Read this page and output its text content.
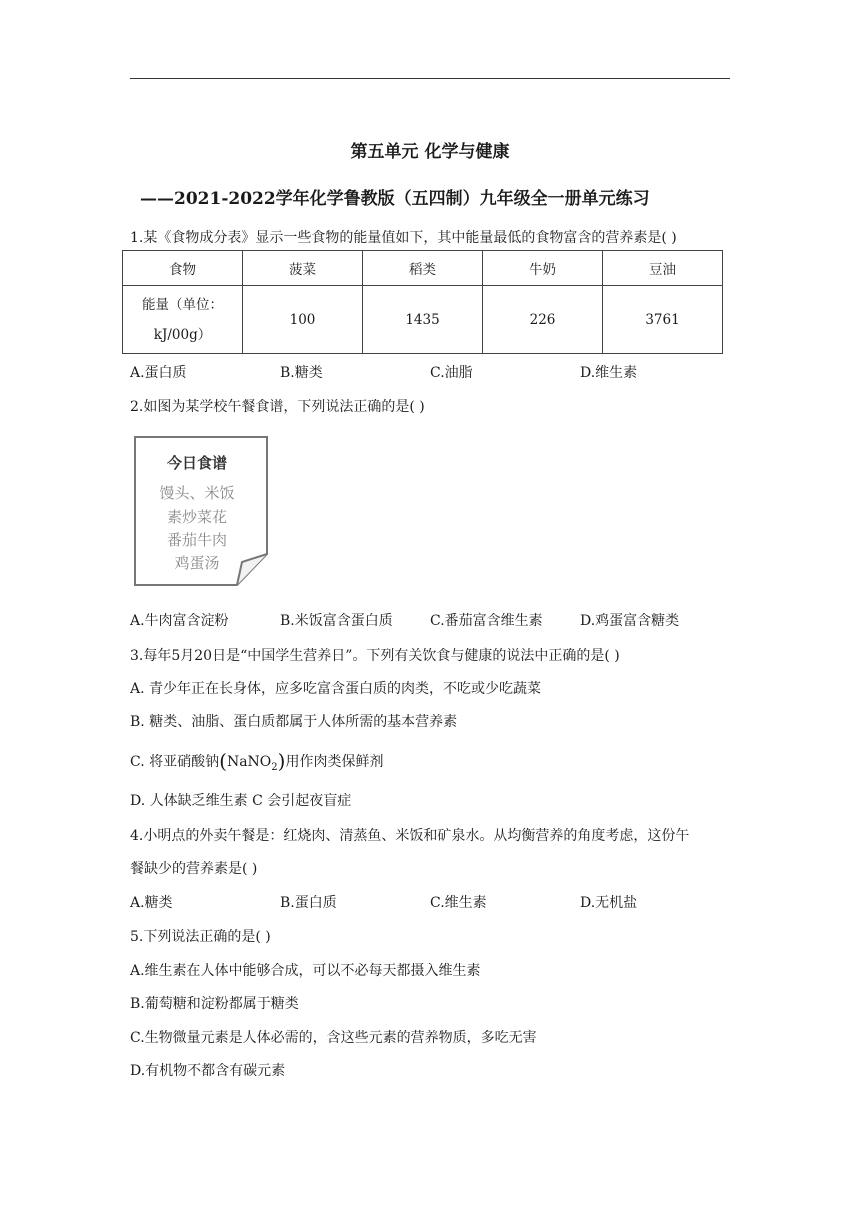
第五单元 化学与健康
——2021-2022学年化学鲁教版（五四制）九年级全一册单元练习
1.某《食物成分表》显示一些食物的能量值如下，其中能量最低的食物富含的营养素是( )
食物	菠菜	稻类	牛奶	豆油

能量（单位：
kJ/00g）	100	1435	226	3761
A.蛋白质	B.糖类	C.油脂	D.维生素
2.如图为某学校午餐食谱，下列说法正确的是( )
今日食谱
馒头、米饭
素炒菜花
番茄牛肉
鸡蛋汤
A.牛肉富含淀粉	B.米饭富含蛋白质	C.番茄富含维生素	D.鸡蛋富含糖类
3.每年5月20日是“中国学生营养日”。下列有关饮食与健康的说法中正确的是( )
A. 青少年正在长身体，应多吃富含蛋白质的肉类，不吃或少吃蔬菜
B. 糖类、油脂、蛋白质都属于人体所需的基本营养素
C. 将亚硝酸钠(NaNO$_2$)用作肉类保鲜剂
D. 人体缺乏维生素 C 会引起夜盲症
4.小明点的外卖午餐是：红烧肉、清蒸鱼、米饭和矿泉水。从均衡营养的角度考虑，这份午
餐缺少的营养素是( )
A.糖类	B.蛋白质	C.维生素	D.无机盐
5.下列说法正确的是( )
A.维生素在人体中能够合成，可以不必每天都摄入维生素
B.葡萄糖和淀粉都属于糖类
C.生物微量元素是人体必需的，含这些元素的营养物质，多吃无害
D.有机物不都含有碳元素
